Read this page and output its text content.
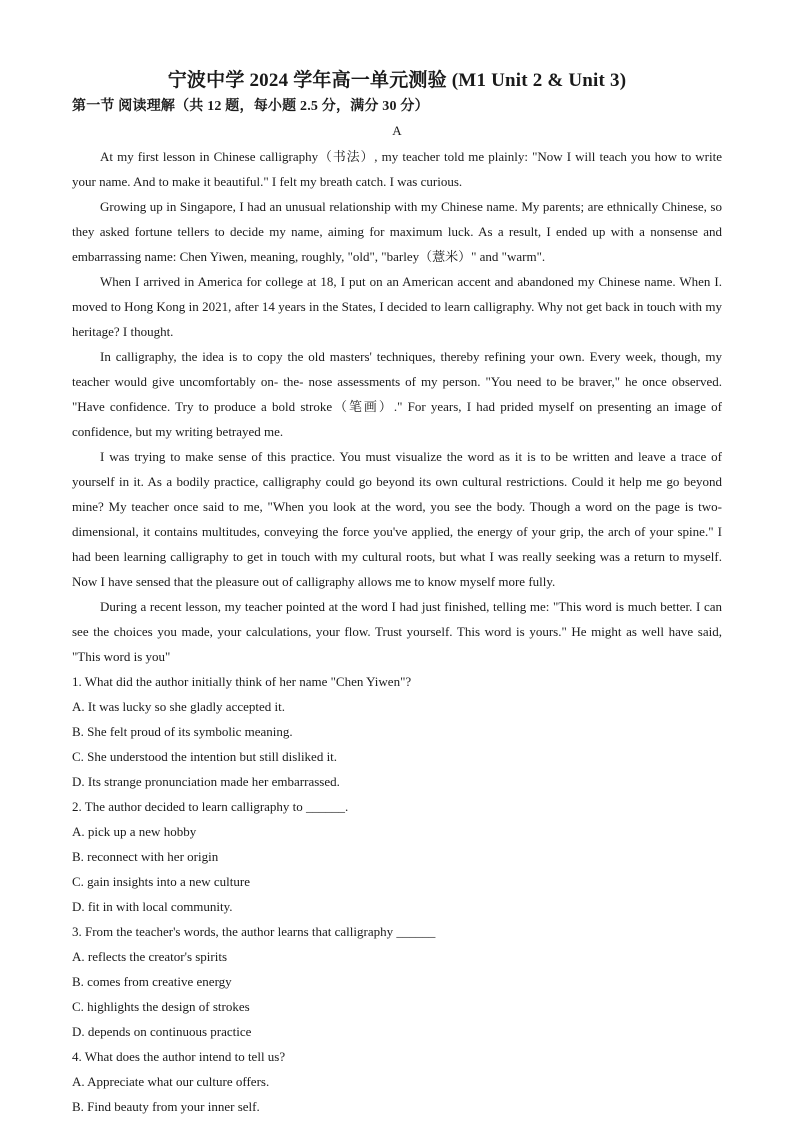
宁波中学 2024 学年高一单元测验 (M1 Unit 2 & Unit 3)
第一节 阅读理解（共 12 题，每小题 2.5 分，满分 30 分）
A

At my first lesson in Chinese calligraphy（书法）, my teacher told me plainly: "Now I will teach you how to write your name. And to make it beautiful." I felt my breath catch. I was curious.

Growing up in Singapore, I had an unusual relationship with my Chinese name. My parents; are ethnically Chinese, so they asked fortune tellers to decide my name, aiming for maximum luck. As a result, I ended up with a nonsense and embarrassing name: Chen Yiwen, meaning, roughly, "old", "barley（薏米）" and "warm".

When I arrived in America for college at 18, I put on an American accent and abandoned my Chinese name. When I. moved to Hong Kong in 2021, after 14 years in the States, I decided to learn calligraphy. Why not get back in touch with my heritage? I thought.

In calligraphy, the idea is to copy the old masters' techniques, thereby refining your own. Every week, though, my teacher would give uncomfortably on- the- nose assessments of my person. "You need to be braver," he once observed. "Have confidence. Try to produce a bold stroke（笔画）." For years, I had prided myself on presenting an image of confidence, but my writing betrayed me.

I was trying to make sense of this practice. You must visualize the word as it is to be written and leave a trace of yourself in it. As a bodily practice, calligraphy could go beyond its own cultural restrictions. Could it help me go beyond mine? My teacher once said to me, "When you look at the word, you see the body. Though a word on the page is two- dimensional, it contains multitudes, conveying the force you've applied, the energy of your grip, the arch of your spine." I had been learning calligraphy to get in touch with my cultural roots, but what I was really seeking was a return to myself. Now I have sensed that the pleasure out of calligraphy allows me to know myself more fully.

During a recent lesson, my teacher pointed at the word I had just finished, telling me: "This word is much better. I can see the choices you made, your calculations, your flow. Trust yourself. This word is yours." He might as well have said, "This word is you"

1. What did the author initially think of her name "Chen Yiwen"?
A. It was lucky so she gladly accepted it.
B. She felt proud of its symbolic meaning.
C. She understood the intention but still disliked it.
D. Its strange pronunciation made her embarrassed.
2. The author decided to learn calligraphy to ______.
A. pick up a new hobby
B. reconnect with her origin
C. gain insights into a new culture
D. fit in with local community.
3. From the teacher's words, the author learns that calligraphy ______
A. reflects the creator's spirits
B. comes from creative energy
C. highlights the design of strokes
D. depends on continuous practice
4. What does the author intend to tell us?
A. Appreciate what our culture offers.
B. Find beauty from your inner self.
